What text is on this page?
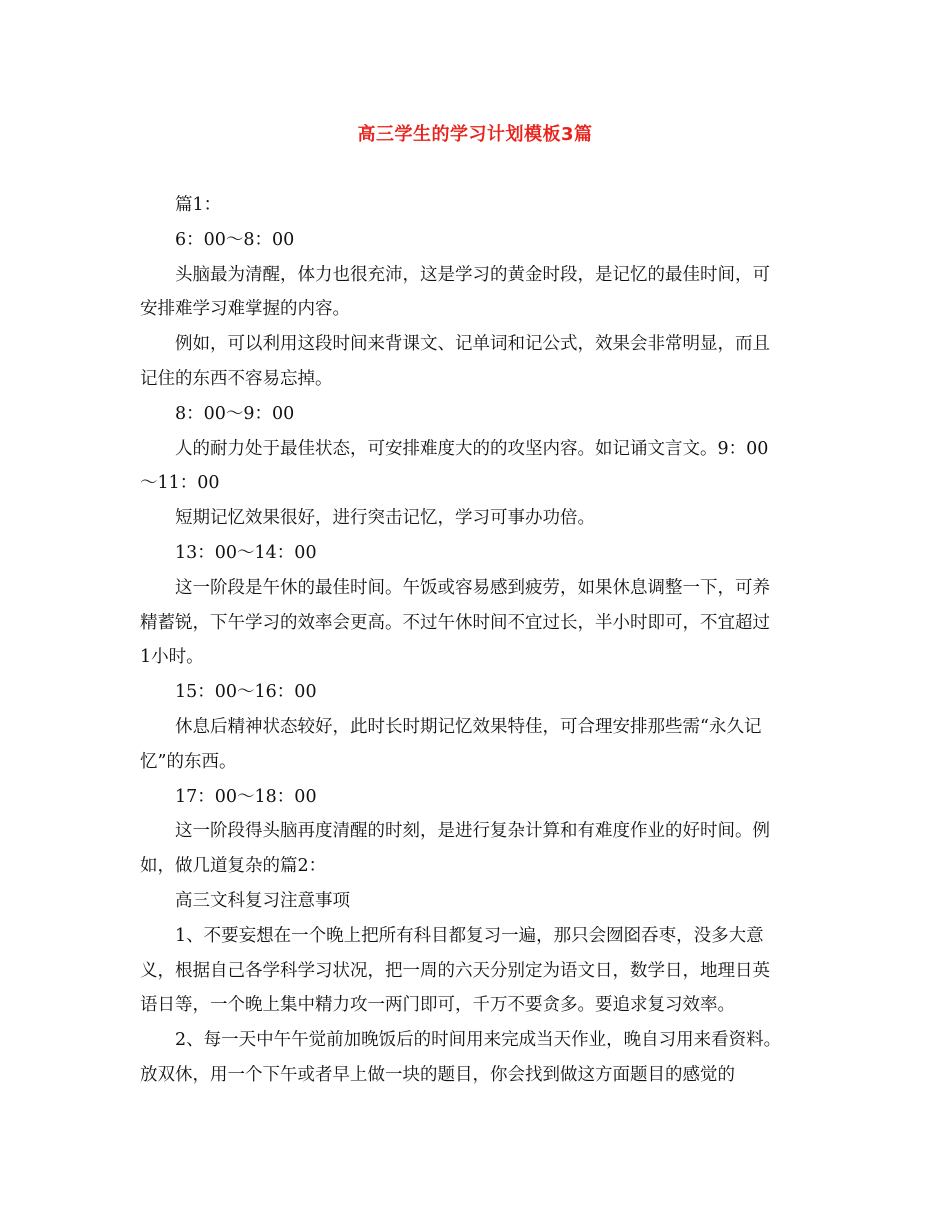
高三学生的学习计划模板3篇
篇1：
6：00～8：00
头脑最为清醒，体力也很充沛，这是学习的黄金时段，是记忆的最佳时间，可
安排难学习难掌握的内容。
例如，可以利用这段时间来背课文、记单词和记公式，效果会非常明显，而且
记住的东西不容易忘掉。
8：00～9：00
人的耐力处于最佳状态，可安排难度大的的攻坚内容。如记诵文言文。9：00
～11：00
短期记忆效果很好，进行突击记忆，学习可事办功倍。
13：00～14：00
这一阶段是午休的最佳时间。午饭或容易感到疲劳，如果休息调整一下，可养
精蓄锐，下午学习的效率会更高。不过午休时间不宜过长，半小时即可，不宜超过
1小时。
15：00～16：00
休息后精神状态较好，此时长时期记忆效果特佳，可合理安排那些需“永久记
忆”的东西。
17：00～18：00
这一阶段得头脑再度清醒的时刻，是进行复杂计算和有难度作业的好时间。例
如，做几道复杂的篇2：
高三文科复习注意事项
1、不要妄想在一个晚上把所有科目都复习一遍，那只会囫囵吞枣，没多大意
义，根据自己各学科学习状况，把一周的六天分别定为语文日，数学日，地理日英
语日等，一个晚上集中精力攻一两门即可，千万不要贪多。要追求复习效率。
2、每一天中午午觉前加晚饭后的时间用来完成当天作业，晚自习用来看资料。
放双休，用一个下午或者早上做一块的题目，你会找到做这方面题目的感觉的
